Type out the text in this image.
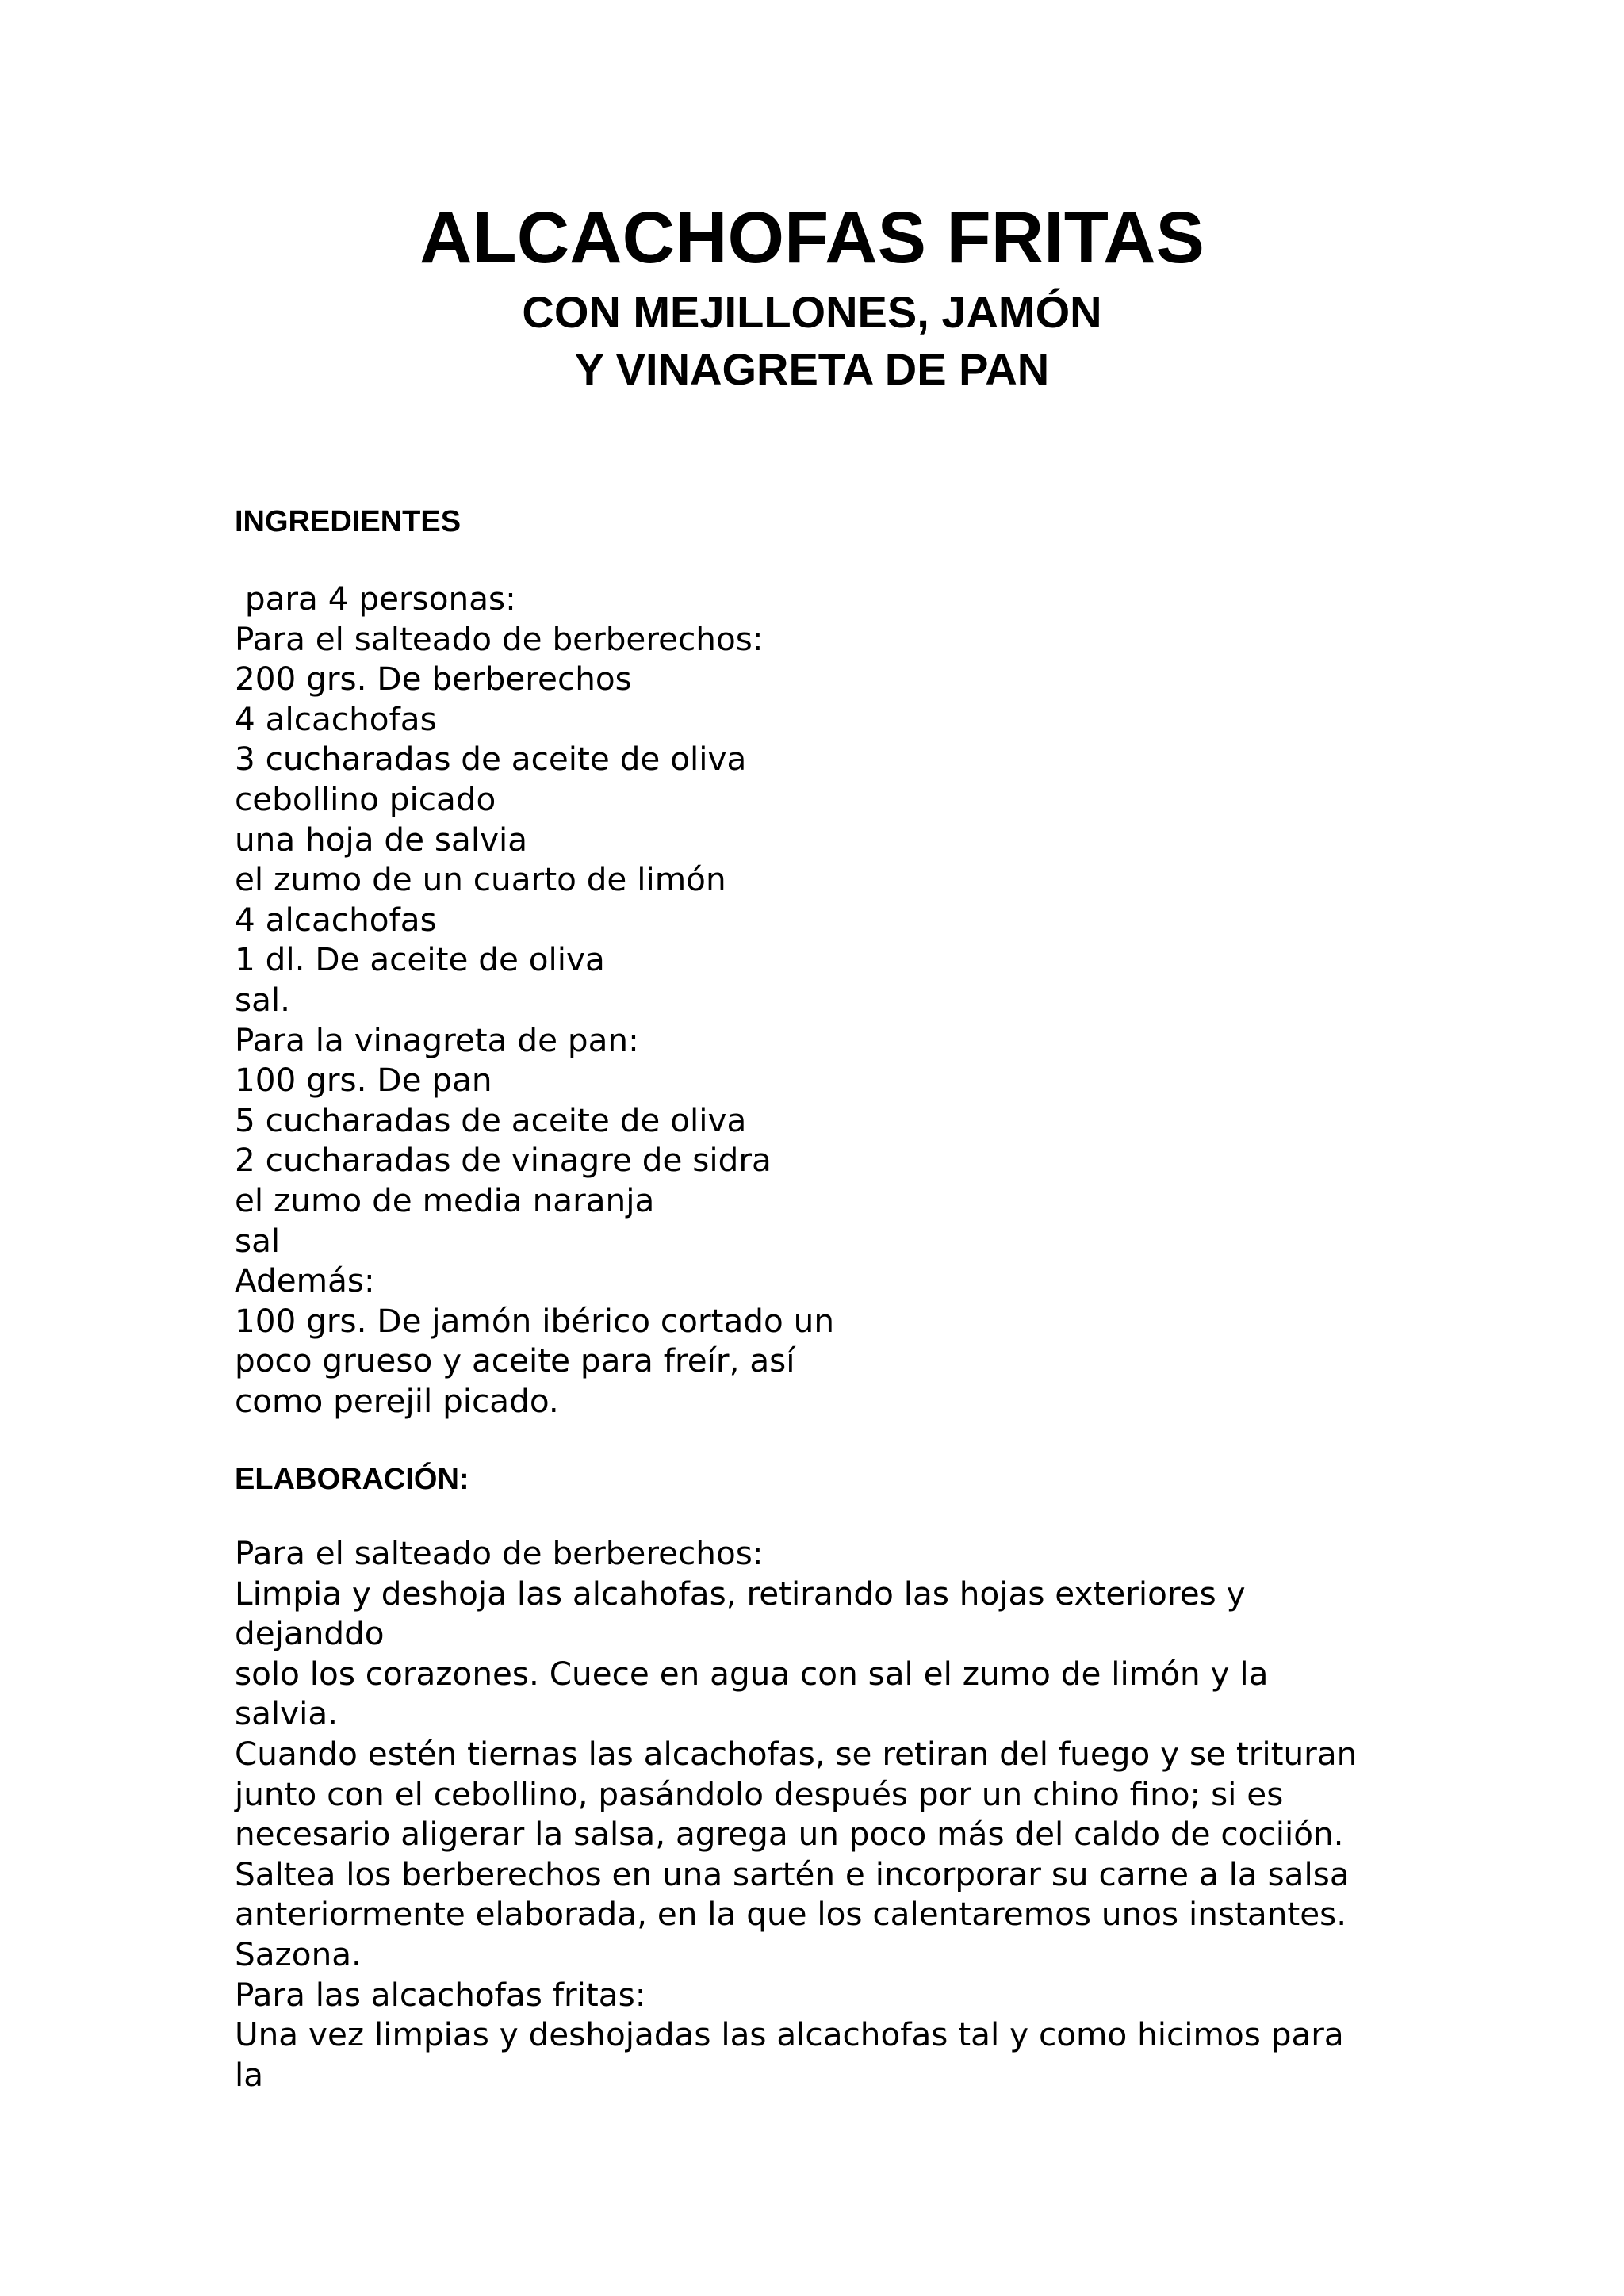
ALCACHOFAS FRITAS
CON MEJILLONES, JAMÓN
Y VINAGRETA DE PAN
INGREDIENTES
para 4 personas:
Para el salteado de berberechos:
200 grs. De berberechos
4 alcachofas
3 cucharadas de aceite de oliva
cebollino picado
una hoja de salvia
el zumo de un cuarto de limón
4 alcachofas
1 dl. De aceite de oliva
sal.
Para la vinagreta de pan:
100 grs. De pan
5 cucharadas de aceite de oliva
2 cucharadas de vinagre de sidra
el zumo de media naranja
sal
Además:
100 grs. De jamón ibérico cortado un
poco grueso y aceite para freír, así
como perejil picado.
ELABORACIÓN:
Para el salteado de berberechos:
Limpia y deshoja las alcahofas, retirando las hojas exteriores y
dejanddo
solo los corazones. Cuece en agua con sal el zumo de limón y la
salvia.
Cuando estén tiernas las alcachofas, se retiran del fuego y se trituran
junto con el cebollino, pasándolo después por un chino fino; si es
necesario aligerar la salsa, agrega un poco más del caldo de cociión.
Saltea los berberechos en una sartén e incorporar su carne a la salsa
anteriormente elaborada, en la que los calentaremos unos instantes.
Sazona.
Para las alcachofas fritas:
Una vez limpias y deshojadas las alcachofas tal y como hicimos para
la
